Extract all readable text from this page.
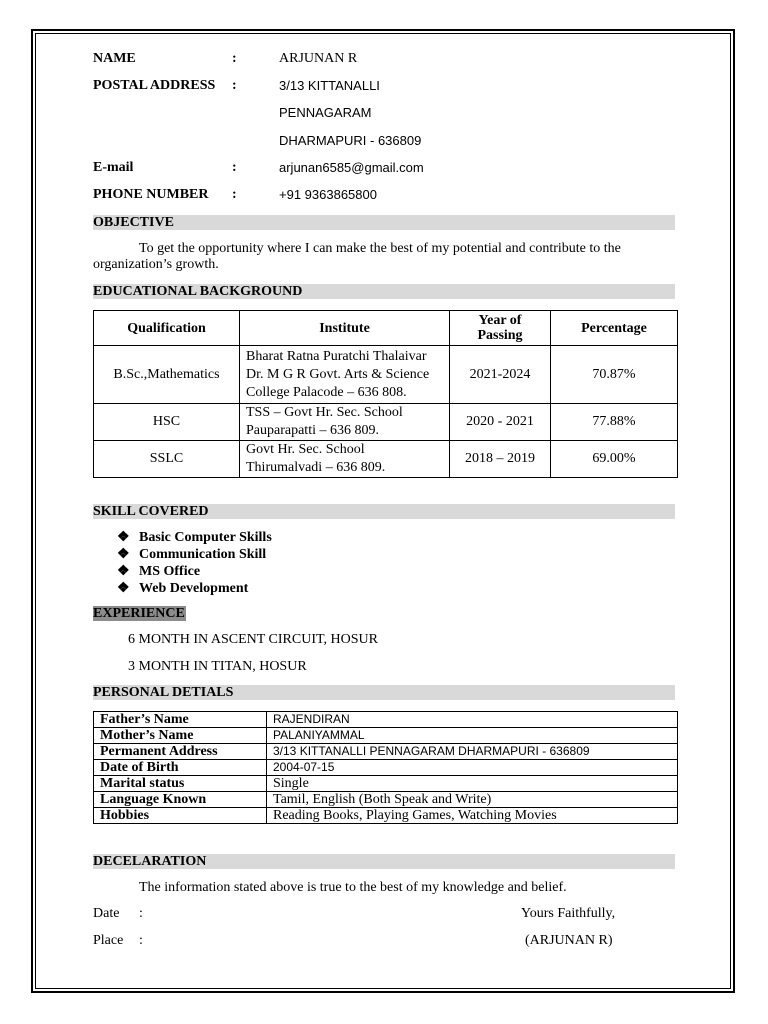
NAME	:	ARJUNAN R
POSTAL ADDRESS :	3/13 KITTANALLI
PENNAGARAM
DHARMAPURI - 636809
E-mail	:	arjunan6585@gmail.com
PHONE NUMBER :	+91 9363865800
OBJECTIVE
To get the opportunity where I can make the best of my potential and contribute to the
organization’s growth.
EDUCATIONAL BACKGROUND
Qualification	Institute	Year of Passing	Percentage
B.Sc.,Mathematics	Bharat Ratna Puratchi Thalaivar
Dr. M G R Govt. Arts & Science
College Palacode – 636 808.	2021-2024	70.87%
HSC	TSS – Govt Hr. Sec. School
Pauparapatti – 636 809.	2020 - 2021	77.88%
SSLC	Govt Hr. Sec. School
Thirumalvadi – 636 809.	2018 – 2019	69.00%
SKILL COVERED
❖ Basic Computer Skills
❖ Communication Skill
❖ MS Office
❖ Web Development
EXPERIENCE
6 MONTH IN ASCENT CIRCUIT, HOSUR
3 MONTH IN TITAN, HOSUR
PERSONAL DETIALS
Father’s Name	RAJENDIRAN
Mother’s Name	PALANIYAMMAL
Permanent Address	3/13 KITTANALLI PENNAGARAM DHARMAPURI - 636809
Date of Birth	2004-07-15
Marital status	Single
Language Known	Tamil, English (Both Speak and Write)
Hobbies	Reading Books, Playing Games, Watching Movies
DECELARATION
The information stated above is true to the best of my knowledge and belief.
Date :	Yours Faithfully,
Place :	(ARJUNAN R)
